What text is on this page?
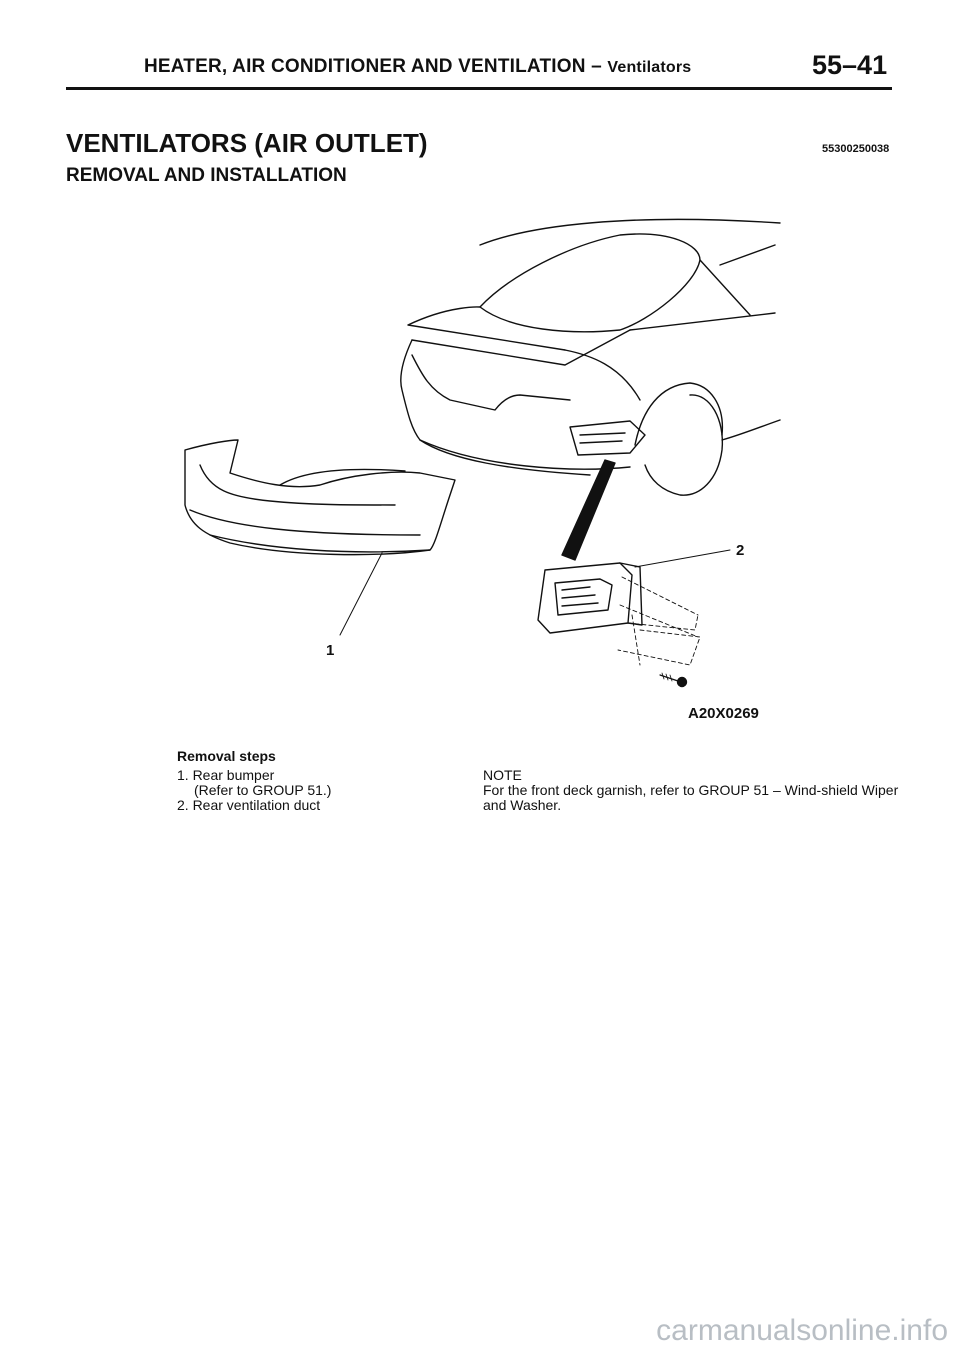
HEATER, AIR CONDITIONER AND VENTILATION – Ventilators	55–41
VENTILATORS (AIR OUTLET)	55300250038
REMOVAL AND INSTALLATION
1
2
A20X0269
Removal steps
1. Rear bumper
(Refer to GROUP 51.)
2. Rear ventilation duct
NOTE
For the front deck garnish, refer to GROUP 51 – Wind-shield Wiper and Washer.
carmanualsonline.info
